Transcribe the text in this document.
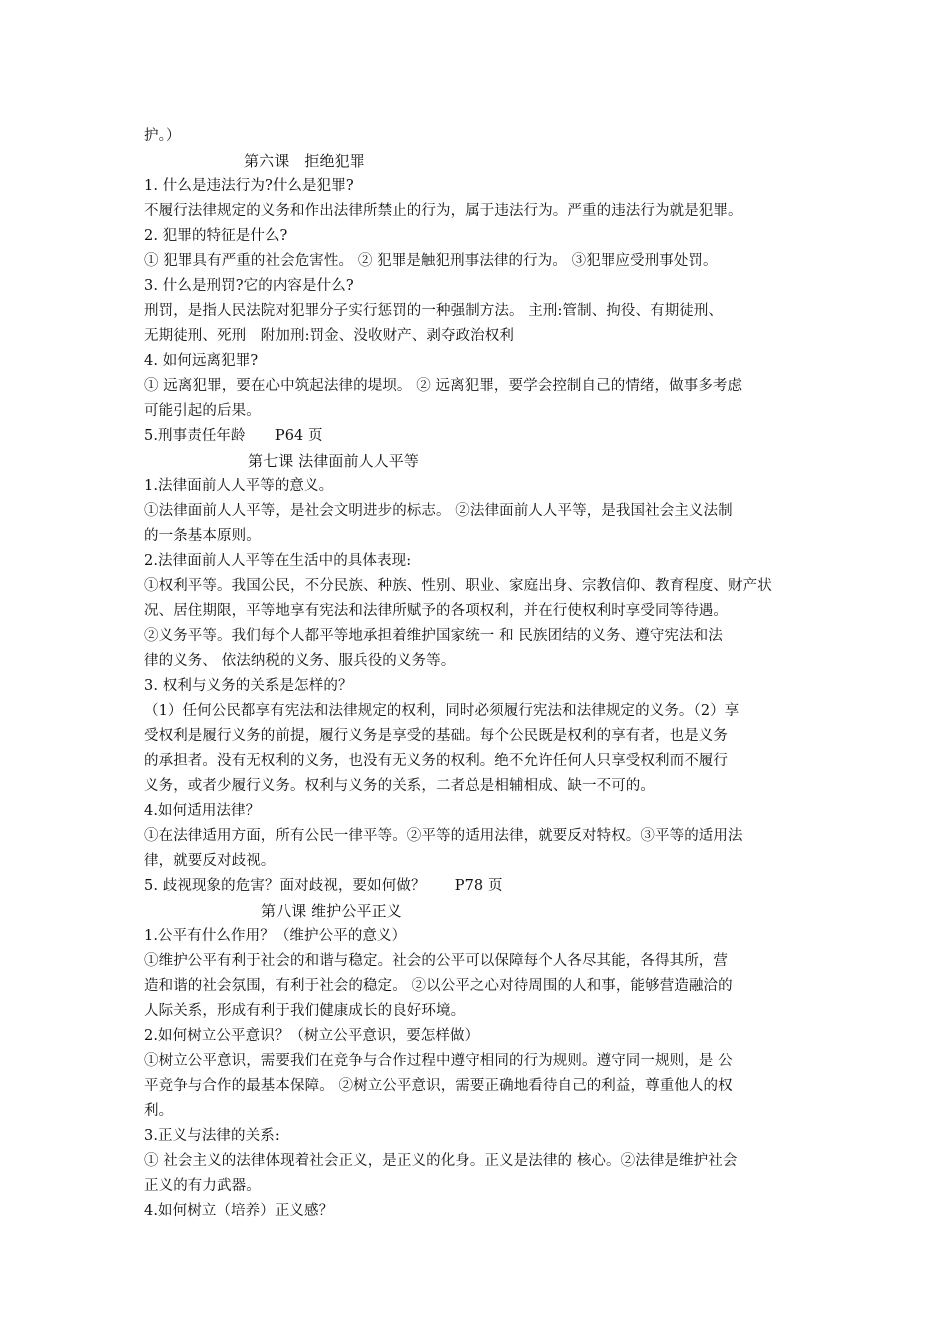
护。）
第六课　拒绝犯罪
1. 什么是违法行为?什么是犯罪?
不履行法律规定的义务和作出法律所禁止的行为，属于违法行为。严重的违法行为就是犯罪。
2. 犯罪的特征是什么?
① 犯罪具有严重的社会危害性。 ② 犯罪是触犯刑事法律的行为。 ③犯罪应受刑事处罚。
3. 什么是刑罚?它的内容是什么?
刑罚，是指人民法院对犯罪分子实行惩罚的一种强制方法。 主刑:管制、拘役、有期徒刑、
无期徒刑、死刑　附加刑:罚金、没收财产、剥夺政治权利
4. 如何远离犯罪?
① 远离犯罪，要在心中筑起法律的堤坝。 ② 远离犯罪，要学会控制自己的情绪，做事多考虑
可能引起的后果。
5.刑事责任年龄　　P64 页
第七课 法律面前人人平等
1.法律面前人人平等的意义。
①法律面前人人平等，是社会文明进步的标志。 ②法律面前人人平等，是我国社会主义法制
的一条基本原则。
2.法律面前人人平等在生活中的具体表现:
①权利平等。我国公民，不分民族、种族、性别、职业、家庭出身、宗教信仰、教育程度、财产状
况、居住期限，平等地享有宪法和法律所赋予的各项权利，并在行使权利时享受同等待遇。
②义务平等。我们每个人都平等地承担着维护国家统一 和 民族团结的义务、遵守宪法和法
律的义务、 依法纳税的义务、服兵役的义务等。
3. 权利与义务的关系是怎样的？
（1）任何公民都享有宪法和法律规定的权利，同时必须履行宪法和法律规定的义务。（2）享
受权利是履行义务的前提，履行义务是享受的基础。每个公民既是权利的享有者，也是义务
的承担者。没有无权利的义务，也没有无义务的权利。绝不允许任何人只享受权利而不履行
义务，或者少履行义务。权利与义务的关系，二者总是相辅相成、缺一不可的。
4.如何适用法律？
①在法律适用方面，所有公民一律平等。②平等的适用法律，就要反对特权。③平等的适用法
律，就要反对歧视。
5. 歧视现象的危害？面对歧视，要如何做？　　P78 页
第八课 维护公平正义
1.公平有什么作用？（维护公平的意义）
①维护公平有利于社会的和谐与稳定。社会的公平可以保障每个人各尽其能，各得其所，营
造和谐的社会氛围，有利于社会的稳定。 ②以公平之心对待周围的人和事，能够营造融洽的
人际关系，形成有利于我们健康成长的良好环境。
2.如何树立公平意识？（树立公平意识，要怎样做）
①树立公平意识，需要我们在竞争与合作过程中遵守相同的行为规则。遵守同一规则，是 公
平竞争与合作的最基本保障。 ②树立公平意识，需要正确地看待自己的利益，尊重他人的权
利。
3.正义与法律的关系:
① 社会主义的法律体现着社会正义，是正义的化身。正义是法律的 核心。②法律是维护社会
正义的有力武器。
4.如何树立（培养）正义感？
